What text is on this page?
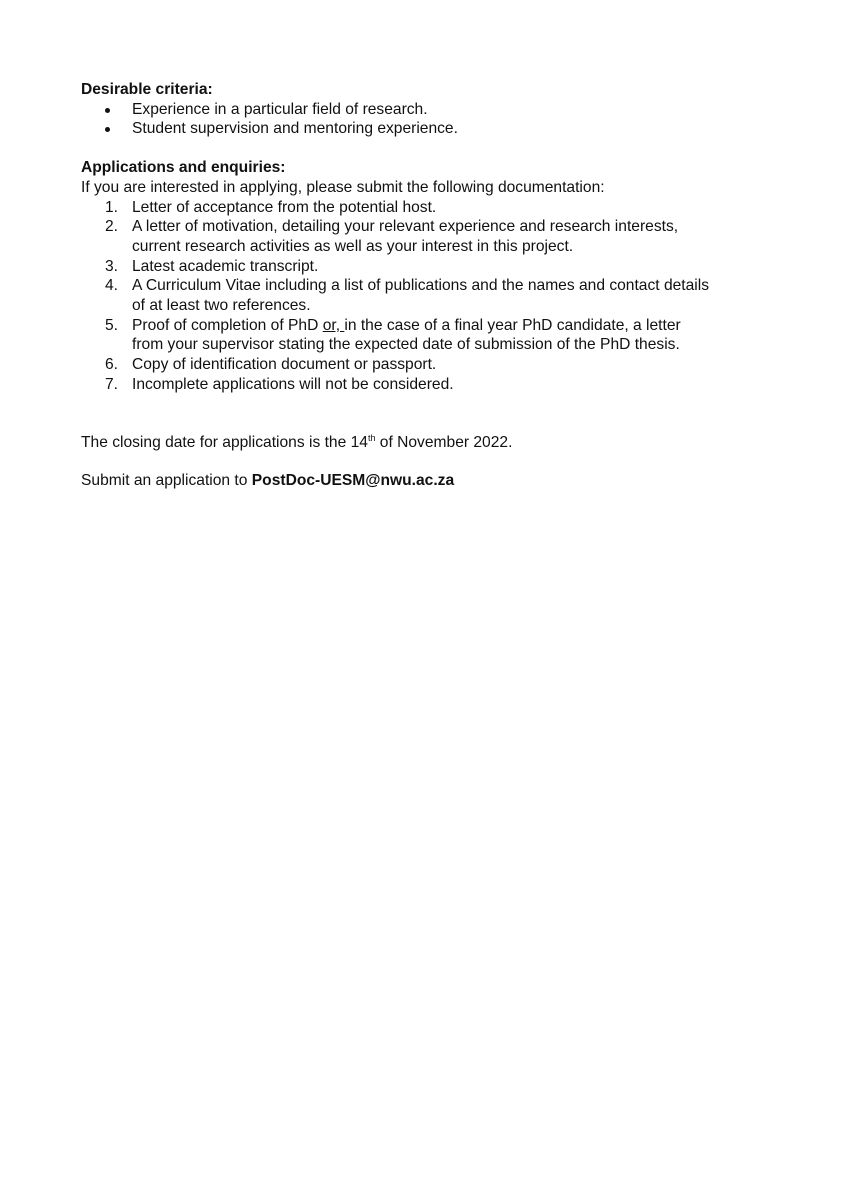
Desirable criteria:

Experience in a particular field of research.
Student supervision and mentoring experience.

Applications and enquiries:

If you are interested in applying, please submit the following documentation:

1. Letter of acceptance from the potential host.
2. A letter of motivation, detailing your relevant experience and research interests,
current research activities as well as your interest in this project.
3. Latest academic transcript.
4. A Curriculum Vitae including a list of publications and the names and contact details
of at least two references.
5. Proof of completion of PhD or, in the case of a final year PhD candidate, a letter
from your supervisor stating the expected date of submission of the PhD thesis.
6. Copy of identification document or passport.
7. Incomplete applications will not be considered.

The closing date for applications is the 14th of November 2022.

Submit an application to PostDoc-UESM@nwu.ac.za
